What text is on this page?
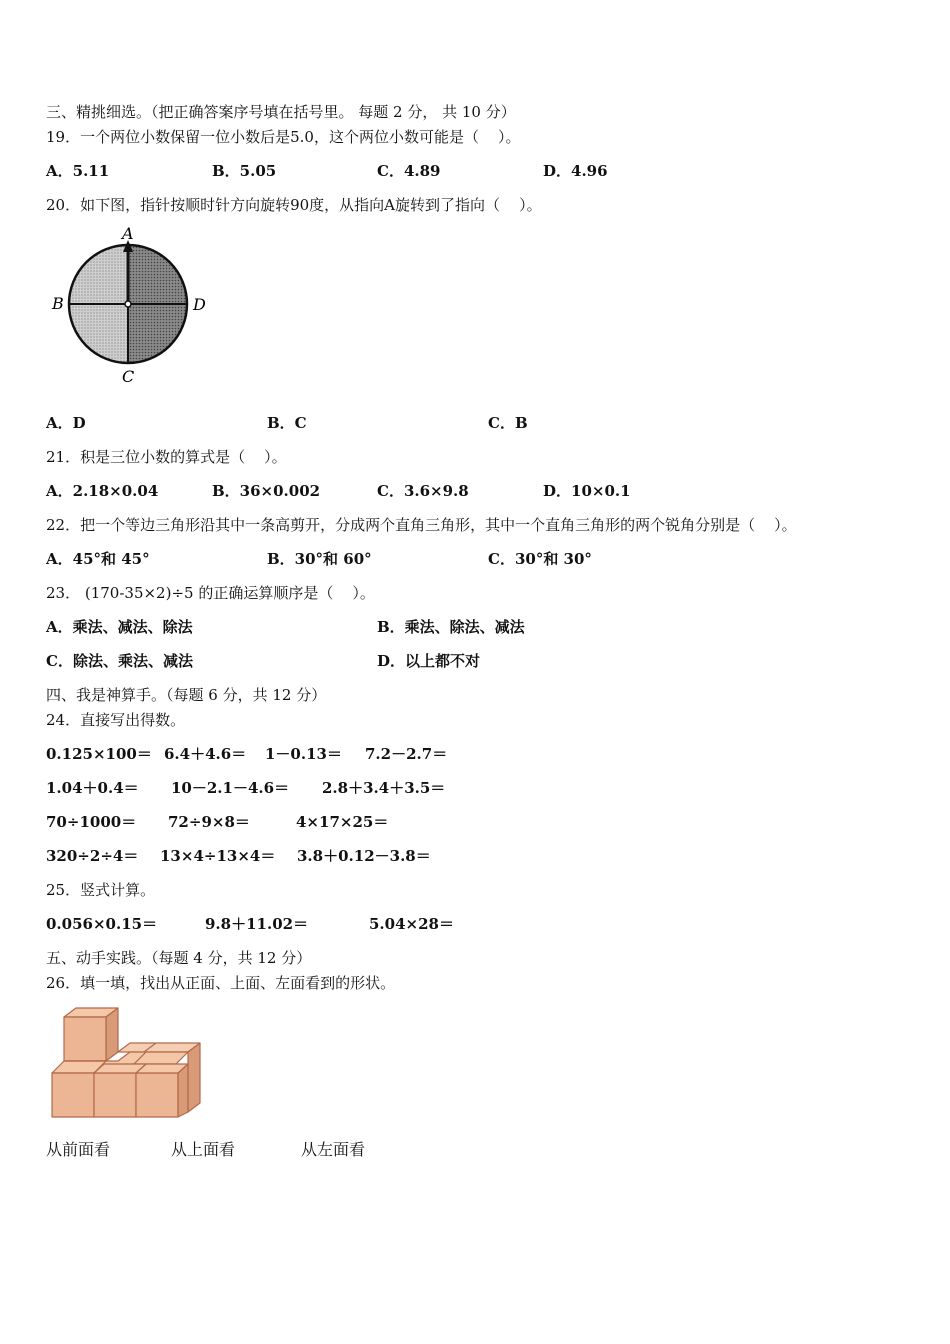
三、精挑细选。（把正确答案序号填在括号里。 每题 2 分， 共 10 分）
19．一个两位小数保留一位小数后是5.0，这个两位小数可能是（    ）。
A．5.11	B．5.05	C．4.89	D．4.96
20．如下图，指针按顺时针方向旋转90度，从指向A旋转到了指向（    ）。
A
B	D
C
A．D	B．C	C．B
21．积是三位小数的算式是（    ）。
A．2.18×0.04	B．36×0.002	C．3.6×9.8	D．10×0.1
22．把一个等边三角形沿其中一条高剪开，分成两个直角三角形，其中一个直角三角形的两个锐角分别是（    ）。
A．45°和 45°	B．30°和 60°	C．30°和 30°
23． (170-35×2)÷5 的正确运算顺序是（    ）。
A．乘法、减法、除法	B．乘法、除法、减法
C．除法、乘法、减法	D．以上都不对
四、我是神算手。（每题 6 分，共 12 分）
24．直接写出得数。
0.125×100＝ 6.4＋4.6＝ 1－0.13＝ 7.2－2.7＝
1.04＋0.4＝ 10－2.1－4.6＝ 2.8＋3.4＋3.5＝
70÷1000＝ 72÷9×8＝	4×17×25＝
320÷2÷4＝ 13×4÷13×4＝ 3.8＋0.12－3.8＝
25．竖式计算。
0.056×0.15＝	9.8＋11.02＝	5.04×28＝
五、动手实践。（每题 4 分，共 12 分）
26．填一填，找出从正面、上面、左面看到的形状。
从前面看	从上面看	从左面看
